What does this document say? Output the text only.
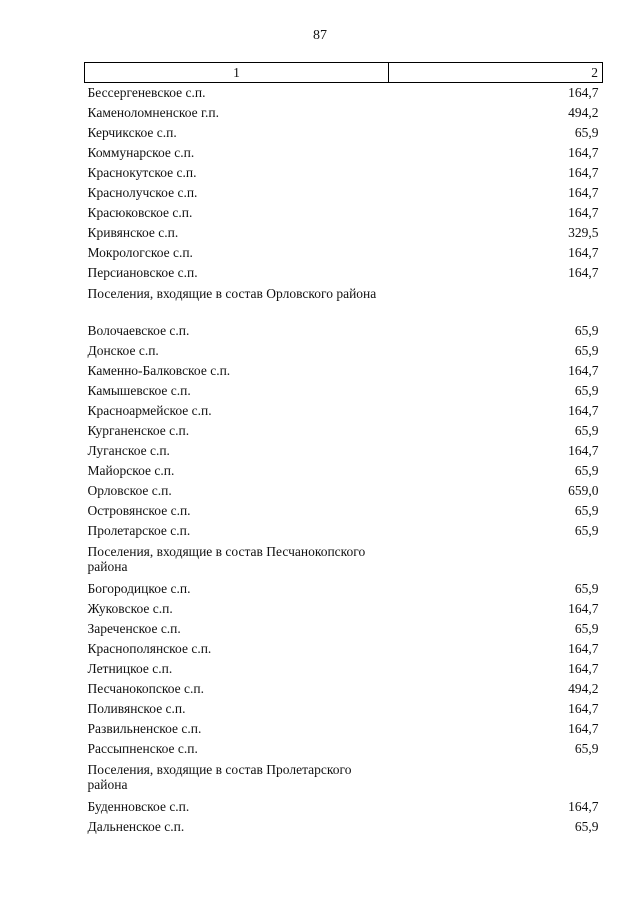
87
1	2
Бессергеневское с.п.	164,7
Каменоломненское г.п.	494,2
Керчикское с.п.	65,9
Коммунарское с.п.	164,7
Краснокутское с.п.	164,7
Краснолучское с.п.	164,7
Красюковское с.п.	164,7
Кривянское с.п.	329,5
Мокрологское с.п.	164,7
Персиановское с.п.	164,7
Поселения, входящие в состав Орловского района	
Волочаевское с.п.	65,9
Донское с.п.	65,9
Каменно-Балковское с.п.	164,7
Камышевское с.п.	65,9
Красноармейское с.п.	164,7
Курганенское с.п.	65,9
Луганское с.п.	164,7
Майорское с.п.	65,9
Орловское с.п.	659,0
Островянское с.п.	65,9
Пролетарское с.п.	65,9
Поселения, входящие в состав Песчанокопского района	
Богородицкое с.п.	65,9
Жуковское с.п.	164,7
Зареченское с.п.	65,9
Краснополянское с.п.	164,7
Летницкое с.п.	164,7
Песчанокопское с.п.	494,2
Поливянское с.п.	164,7
Развильненское с.п.	164,7
Рассыпненское с.п.	65,9
Поселения, входящие в состав Пролетарского района	
Буденновское с.п.	164,7
Дальненское с.п.	65,9
